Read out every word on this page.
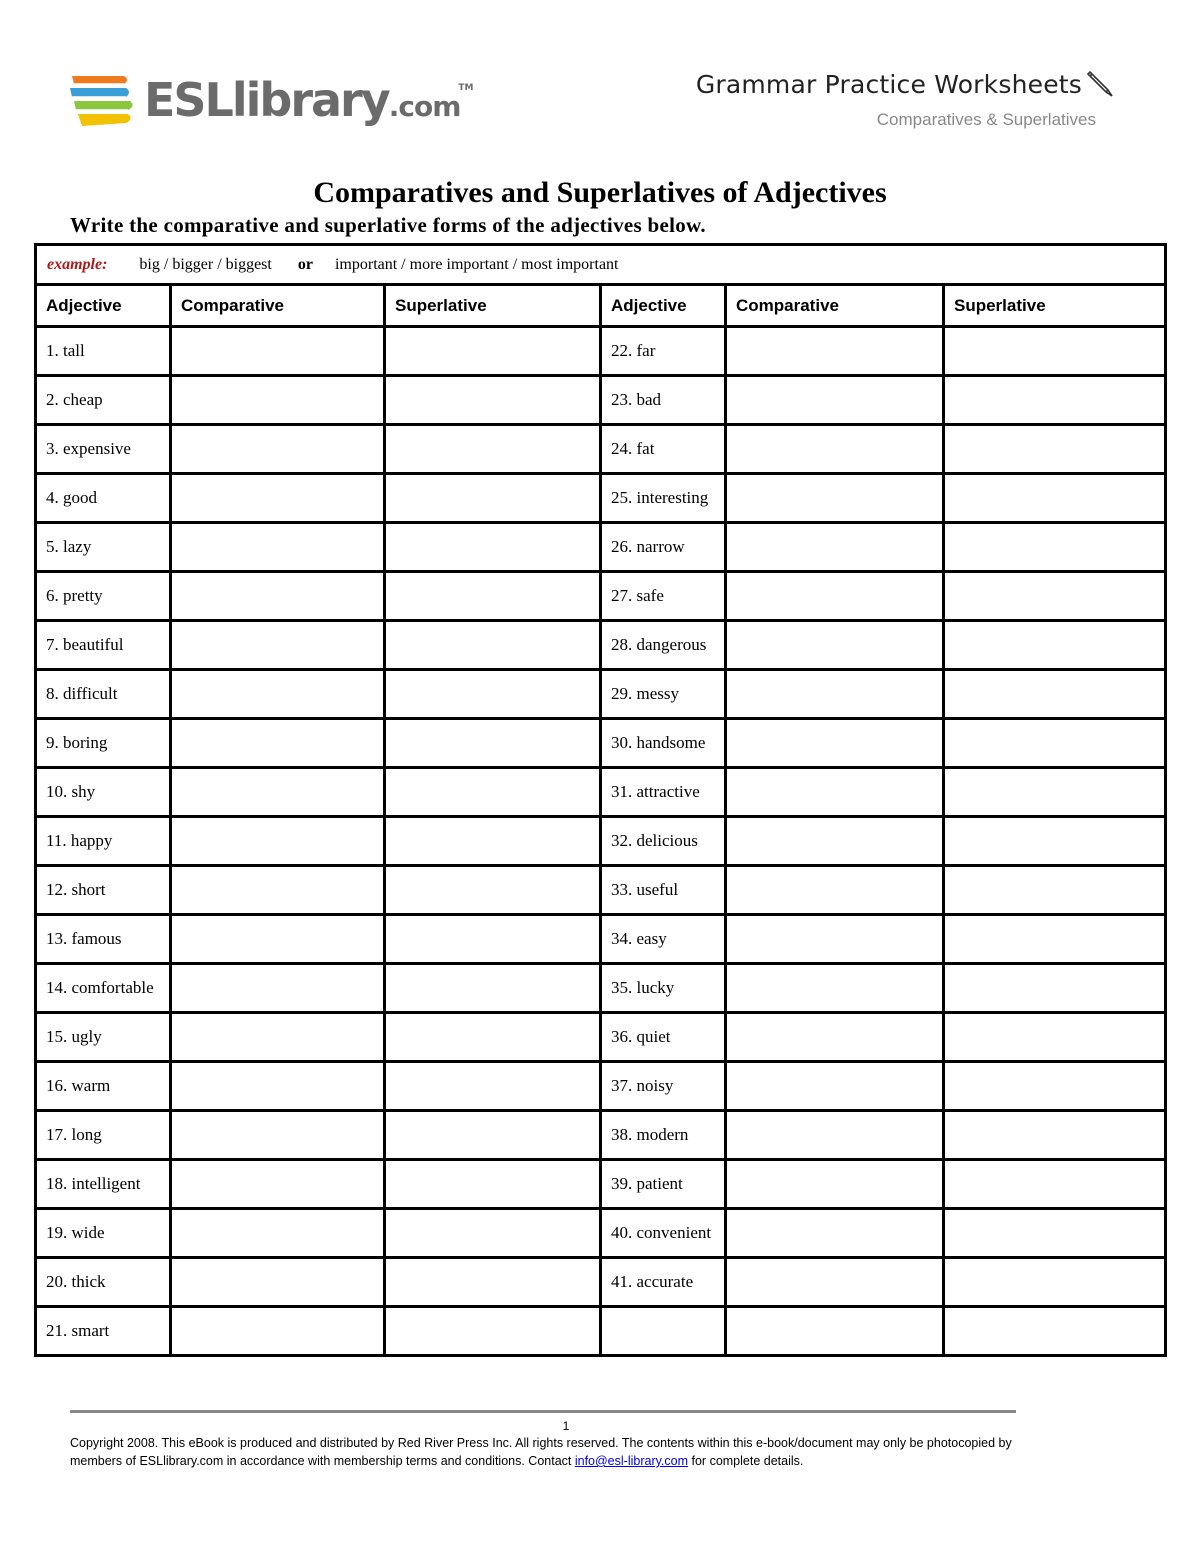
ESLlibrary.com™	Grammar Practice Worksheets
Comparatives & Superlatives
Comparatives and Superlatives of Adjectives
Write the comparative and superlative forms of the adjectives below.
example: big / bigger / biggest or important / more important / most important					
Adjective	Comparative	Superlative	Adjective	Comparative	Superlative
1. tall			22. far		
2. cheap			23. bad		
3. expensive			24. fat		
4. good			25. interesting		
5. lazy			26. narrow		
6. pretty			27. safe		
7. beautiful			28. dangerous		
8. difficult			29. messy		
9. boring			30. handsome		
10. shy			31. attractive		
11. happy			32. delicious		
12. short			33. useful		
13. famous			34. easy		
14. comfortable			35. lucky		
15. ugly			36. quiet		
16. warm			37. noisy		
17. long			38. modern		
18. intelligent			39. patient		
19. wide			40. convenient		
20. thick			41. accurate		
21. smart					
1
Copyright 2008. This eBook is produced and distributed by Red River Press Inc. All rights reserved. The contents within this e-book/document may only be photocopied by members of ESLlibrary.com in accordance with membership terms and conditions. Contact info@esl-library.com for complete details.
